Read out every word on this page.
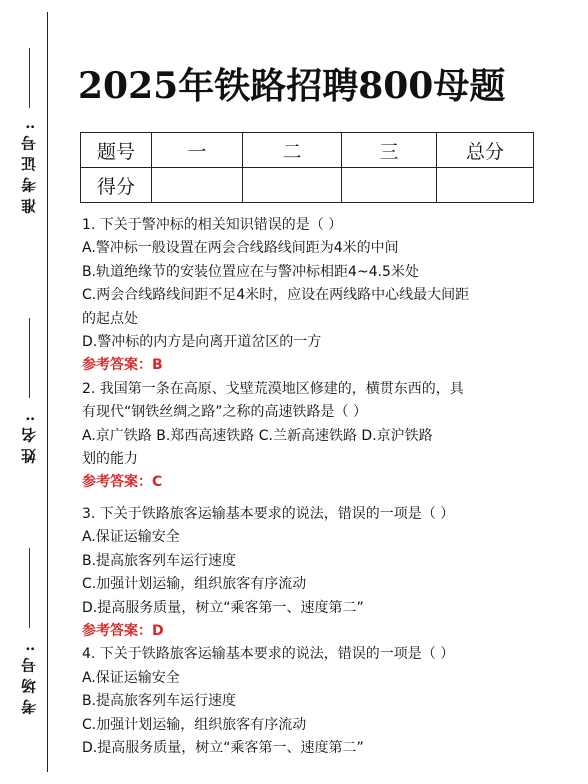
准考证号:
姓名:
考场号:
2025年铁路招聘800母题
题号	一	二	三	总分
得分				

1. 下关于警冲标的相关知识错误的是（ ）

A.警冲标一般设置在两会合线路线间距为4米的中间

B.轨道绝缘节的安装位置应在与警冲标相距4~4.5米处

C.两会合线路线间距不足4米时，应设在两线路中心线最大间距

的起点处

D.警冲标的内方是向离开道岔区的一方

参考答案：B

2. 我国第一条在高原、戈壁荒漠地区修建的，横贯东西的，具

有现代“钢铁丝绸之路”之称的高速铁路是（ ）

A.京广铁路 B.郑西高速铁路 C.兰新高速铁路 D.京沪铁路

划的能力

参考答案：C

3. 下关于铁路旅客运输基本要求的说法，错误的一项是（ ）

A.保证运输安全

B.提高旅客列车运行速度

C.加强计划运输，组织旅客有序流动

D.提高服务质量，树立“乘客第一、速度第二”

参考答案：D

4. 下关于铁路旅客运输基本要求的说法，错误的一项是（ ）

A.保证运输安全

B.提高旅客列车运行速度

C.加强计划运输，组织旅客有序流动

D.提高服务质量，树立“乘客第一、速度第二”
